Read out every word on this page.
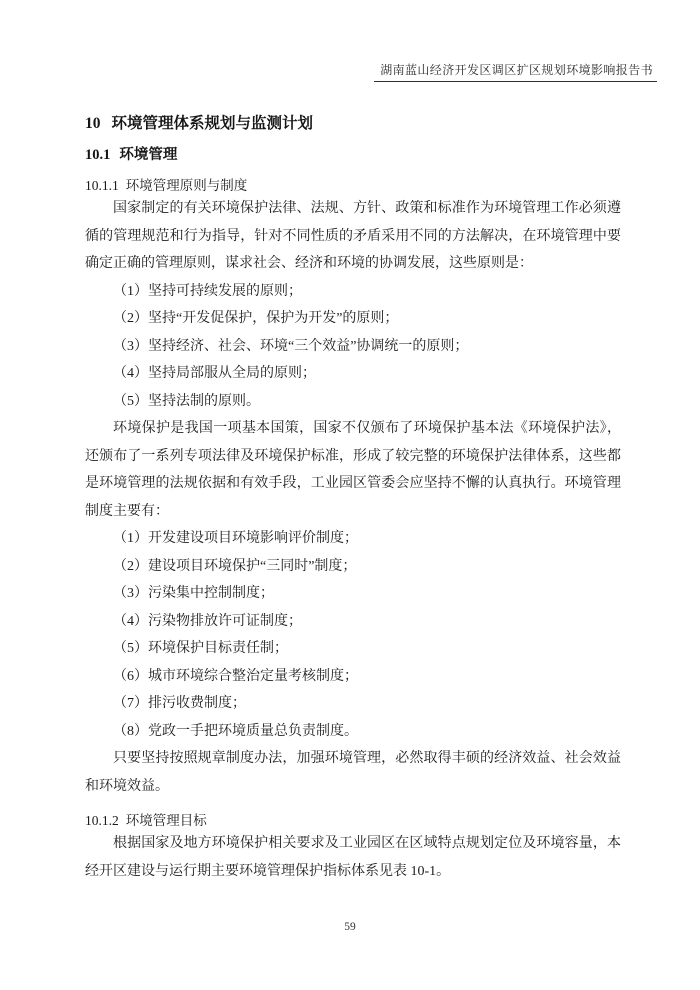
湖南蓝山经济开发区调区扩区规划环境影响报告书
10 环境管理体系规划与监测计划
10.1 环境管理
10.1.1 环境管理原则与制度

国家制定的有关环境保护法律、法规、方针、政策和标准作为环境管理工作必须遵循的管理规范和行为指导，针对不同性质的矛盾采用不同的方法解决，在环境管理中要确定正确的管理原则，谋求社会、经济和环境的协调发展，这些原则是：

（1）坚持可持续发展的原则；
（2）坚持“开发促保护，保护为开发”的原则；
（3）坚持经济、社会、环境“三个效益”协调统一的原则；
（4）坚持局部服从全局的原则；
（5）坚持法制的原则。

环境保护是我国一项基本国策，国家不仅颁布了环境保护基本法《环境保护法》，还颁布了一系列专项法律及环境保护标准，形成了较完整的环境保护法律体系，这些都是环境管理的法规依据和有效手段，工业园区管委会应坚持不懈的认真执行。环境管理制度主要有：

（1）开发建设项目环境影响评价制度；
（2）建设项目环境保护“三同时”制度；
（3）污染集中控制制度；
（4）污染物排放许可证制度；
（5）环境保护目标责任制；
（6）城市环境综合整治定量考核制度；
（7）排污收费制度；
（8）党政一手把环境质量总负责制度。

只要坚持按照规章制度办法，加强环境管理，必然取得丰硕的经济效益、社会效益和环境效益。

10.1.2 环境管理目标

根据国家及地方环境保护相关要求及工业园区在区域特点规划定位及环境容量，本经开区建设与运行期主要环境管理保护指标体系见表 10-1。

59
